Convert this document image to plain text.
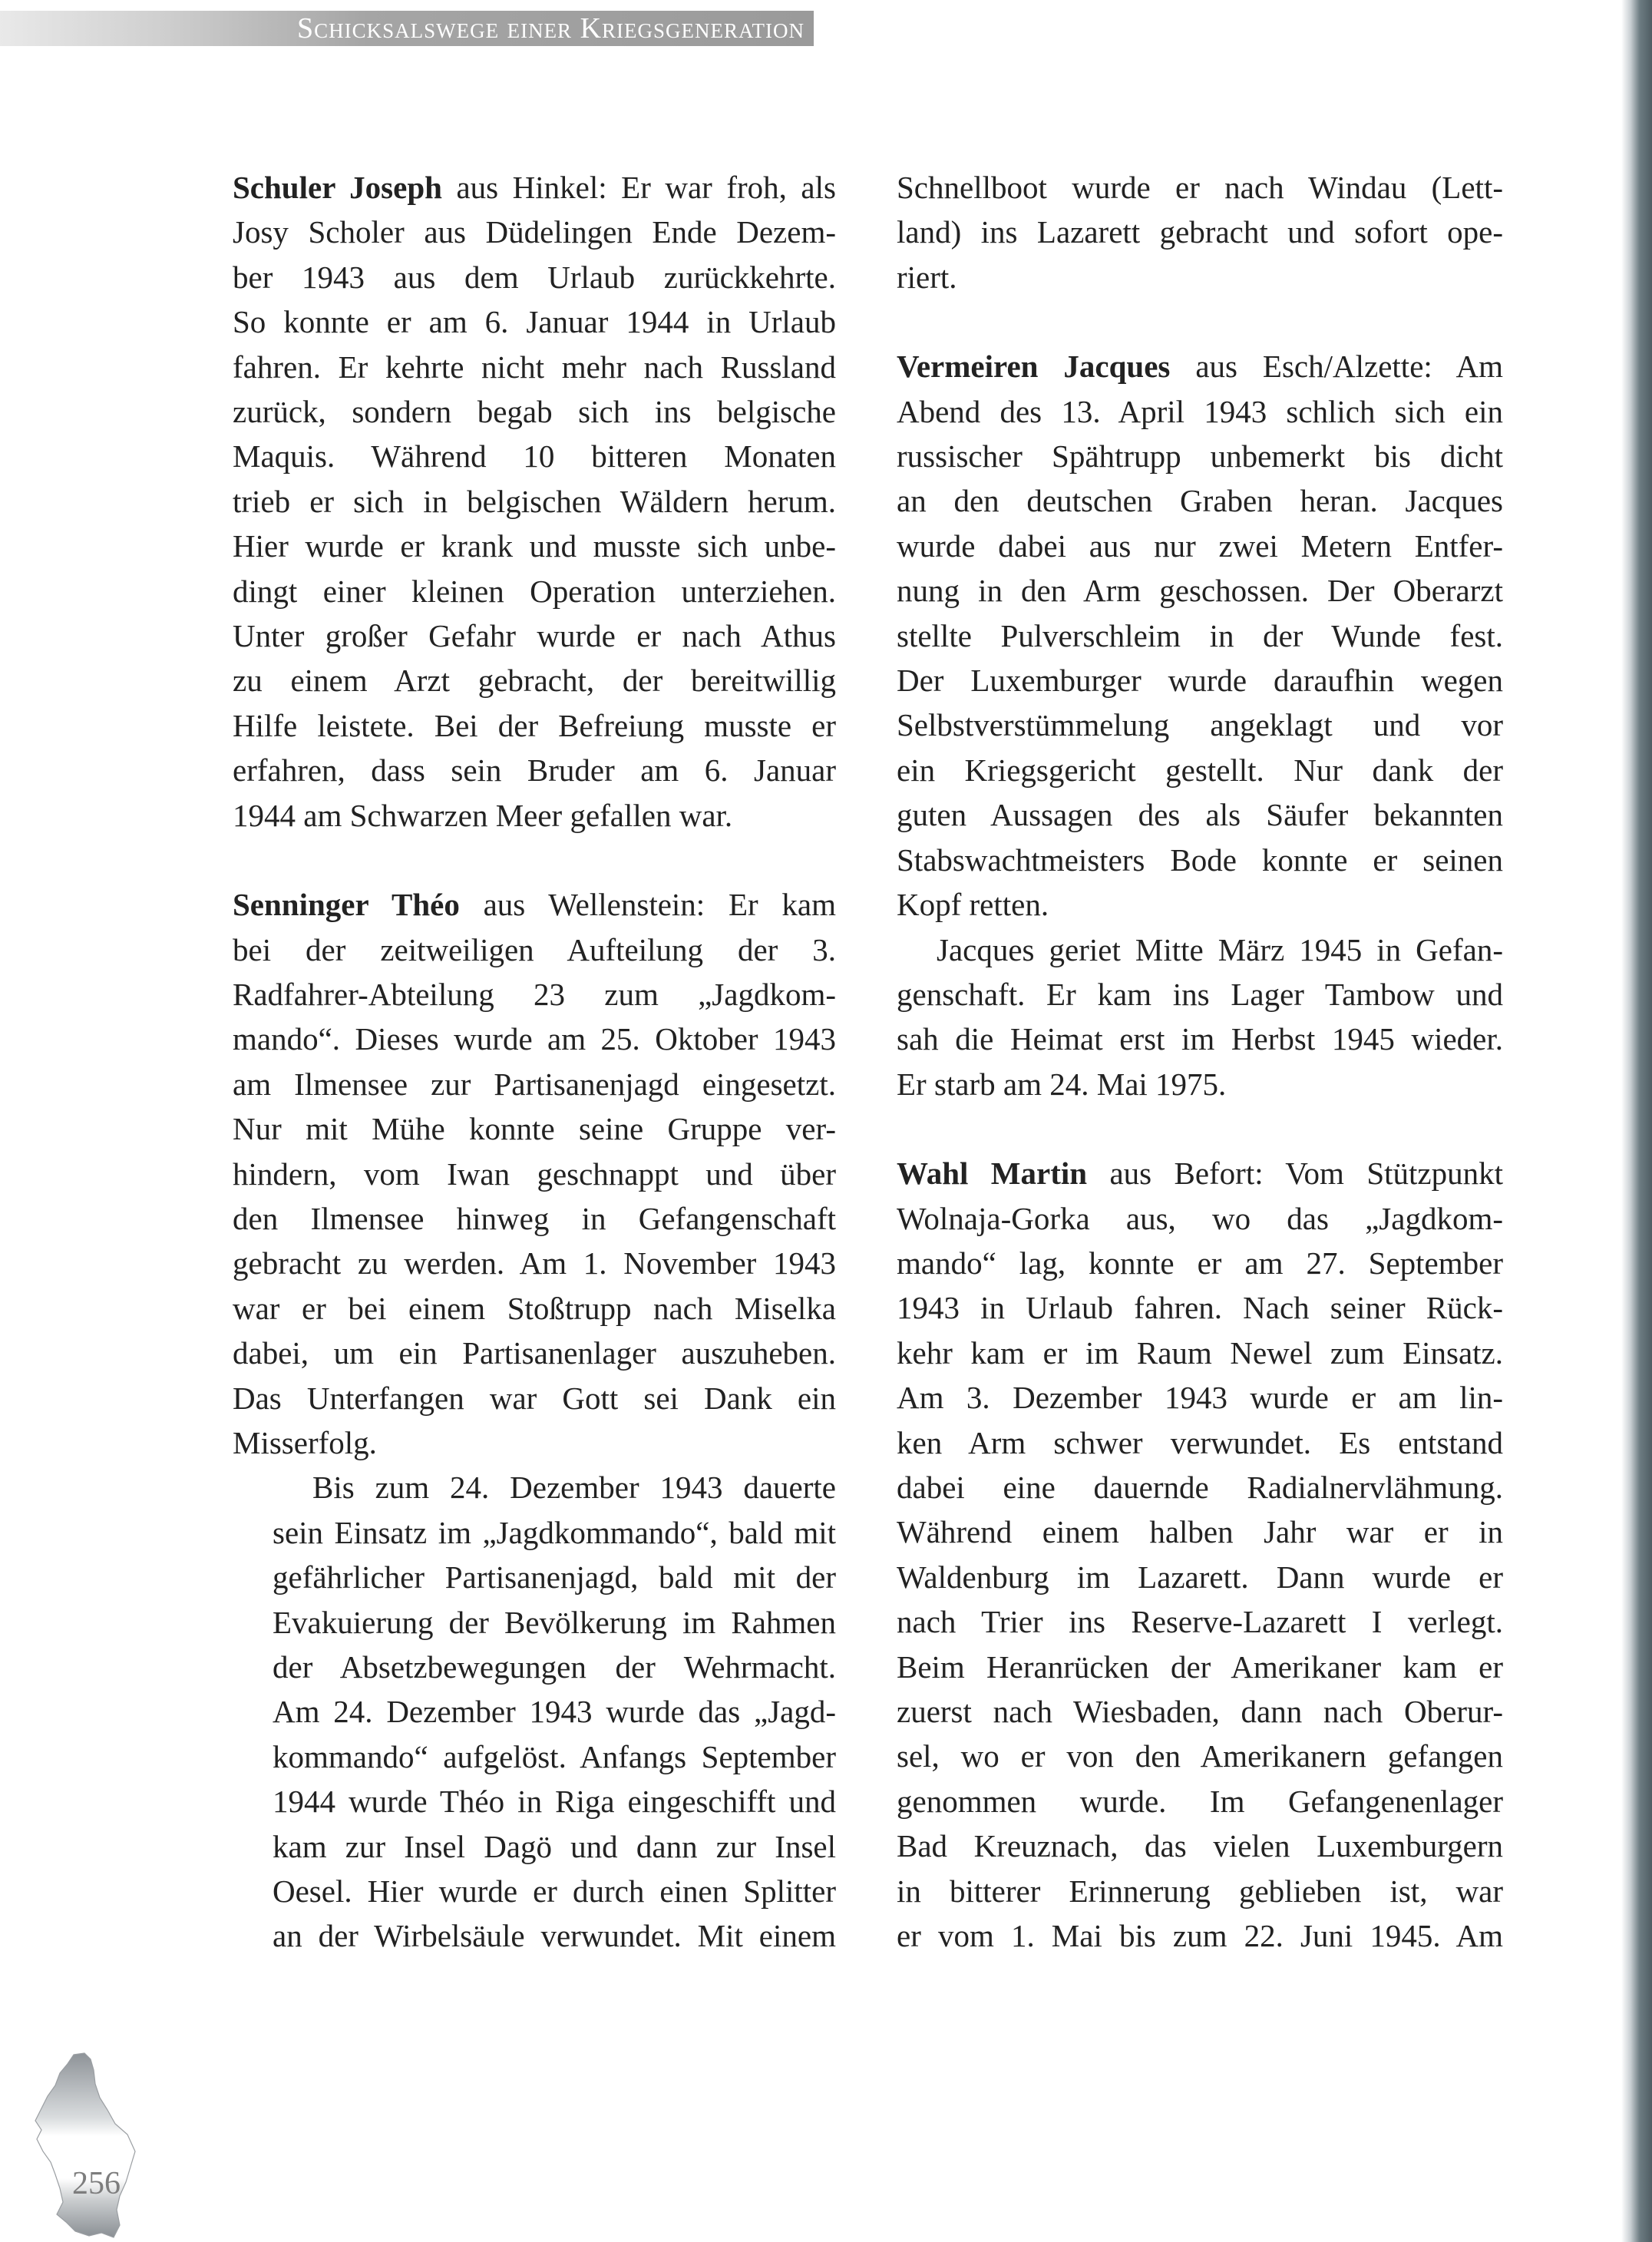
Schicksalswege einer Kriegsgeneration
Schuler Joseph aus Hinkel: Er war froh, als
Josy Scholer aus Düdelingen Ende Dezem-
ber 1943 aus dem Urlaub zurückkehrte.
So konnte er am 6. Januar 1944 in Urlaub
fahren. Er kehrte nicht mehr nach Russland
zurück, sondern begab sich ins belgische
Maquis. Während 10 bitteren Monaten
trieb er sich in belgischen Wäldern herum.
Hier wurde er krank und musste sich unbe-
dingt einer kleinen Operation unterziehen.
Unter großer Gefahr wurde er nach Athus
zu einem Arzt gebracht, der bereitwillig
Hilfe leistete. Bei der Befreiung musste er
erfahren, dass sein Bruder am 6. Januar
1944 am Schwarzen Meer gefallen war.
Senninger Théo aus Wellenstein: Er kam
bei der zeitweiligen Aufteilung der 3.
Radfahrer-Abteilung 23 zum „Jagdkom-
mando“. Dieses wurde am 25. Oktober 1943
am Ilmensee zur Partisanenjagd eingesetzt.
Nur mit Mühe konnte seine Gruppe ver-
hindern, vom Iwan geschnappt und über
den Ilmensee hinweg in Gefangenschaft
gebracht zu werden. Am 1. November 1943
war er bei einem Stoßtrupp nach Miselka
dabei, um ein Partisanenlager auszuheben.
Das Unterfangen war Gott sei Dank ein
Misserfolg.
Bis zum 24. Dezember 1943 dauerte
sein Einsatz im „Jagdkommando“, bald mit
gefährlicher Partisanenjagd, bald mit der
Evakuierung der Bevölkerung im Rahmen
der Absetzbewegungen der Wehrmacht.
Am 24. Dezember 1943 wurde das „Jagd-
kommando“ aufgelöst. Anfangs September
1944 wurde Théo in Riga eingeschifft und
kam zur Insel Dagö und dann zur Insel
Oesel. Hier wurde er durch einen Splitter
an der Wirbelsäule verwundet. Mit einem
Schnellboot wurde er nach Windau (Lett-
land) ins Lazarett gebracht und sofort ope-
riert.
Vermeiren Jacques aus Esch/Alzette: Am
Abend des 13. April 1943 schlich sich ein
russischer Spähtrupp unbemerkt bis dicht
an den deutschen Graben heran. Jacques
wurde dabei aus nur zwei Metern Entfer-
nung in den Arm geschossen. Der Oberarzt
stellte Pulverschleim in der Wunde fest.
Der Luxemburger wurde daraufhin wegen
Selbstverstümmelung angeklagt und vor
ein Kriegsgericht gestellt. Nur dank der
guten Aussagen des als Säufer bekannten
Stabswachtmeisters Bode konnte er seinen
Kopf retten.
Jacques geriet Mitte März 1945 in Gefan-
genschaft. Er kam ins Lager Tambow und
sah die Heimat erst im Herbst 1945 wieder.
Er starb am 24. Mai 1975.
Wahl Martin aus Befort: Vom Stützpunkt
Wolnaja-Gorka aus, wo das „Jagdkom-
mando“ lag, konnte er am 27. September
1943 in Urlaub fahren. Nach seiner Rück-
kehr kam er im Raum Newel zum Einsatz.
Am 3. Dezember 1943 wurde er am lin-
ken Arm schwer verwundet. Es entstand
dabei eine dauernde Radialnervlähmung.
Während einem halben Jahr war er in
Waldenburg im Lazarett. Dann wurde er
nach Trier ins Reserve-Lazarett I verlegt.
Beim Heranrücken der Amerikaner kam er
zuerst nach Wiesbaden, dann nach Oberur-
sel, wo er von den Amerikanern gefangen
genommen wurde. Im Gefangenenlager
Bad Kreuznach, das vielen Luxemburgern
in bitterer Erinnerung geblieben ist, war
er vom 1. Mai bis zum 22. Juni 1945. Am
256
